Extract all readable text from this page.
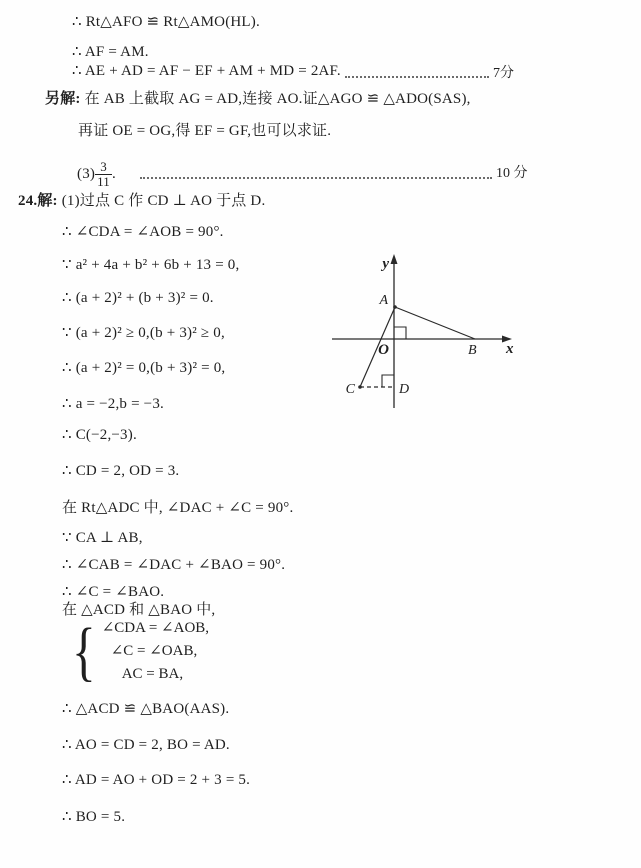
∴ Rt△AFO ≌ Rt△AMO(HL).
∴ AF = AM.
∴ AE + AD = AF − EF + AM + MD = 2AF.	7分
另解: 在 AB 上截取 AG = AD,连接 AO.证△AGO ≌ △ADO(SAS),
再证 OE = OG,得 EF = GF,也可以求证.
$(3) \frac{3}{11}$ .	10 分
24.解: (1)过点 C 作 CD ⊥ AO 于点 D.
∴ ∠CDA = ∠AOB = 90°.
∵ a² + 4a + b² + 6b + 13 = 0,
∴ (a + 2)² + (b + 3)² = 0.
∵ (a + 2)² ≥ 0,(b + 3)² ≥ 0,
∴ (a + 2)² = 0,(b + 3)² = 0,
∴ a = −2,b = −3.
∴ C(−2,−3).
∴ CD = 2, OD = 3.
在 Rt△ADC 中, ∠DAC + ∠C = 90°.
∵ CA ⊥ AB,
∴ ∠CAB = ∠DAC + ∠BAO = 90°.
∴ ∠C = ∠BAO.
在 △ACD 和 △BAO 中,
{ ∠CDA = ∠AOB,
∠C = ∠OAB,
AC = BA,
∴ △ACD ≌ △BAO(AAS).
∴ AO = CD = 2, BO = AD.
∴ AD = AO + OD = 2 + 3 = 5.
∴ BO = 5.
y
x
O
A
B
C	D
